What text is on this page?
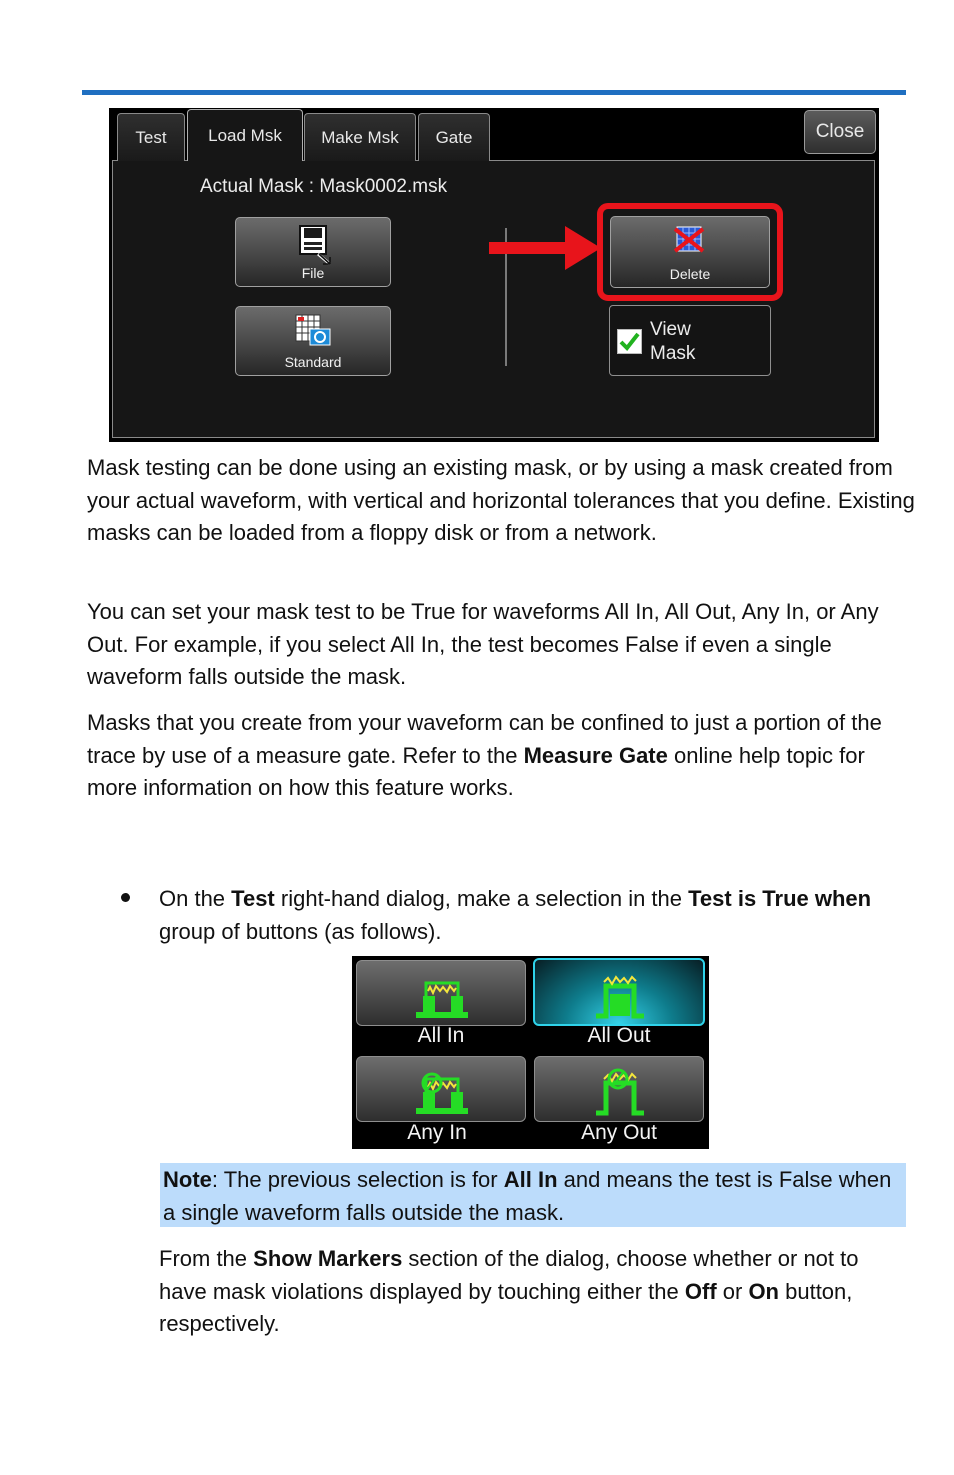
Test	Load Msk	Make Msk	Gate	Close
Actual Mask : Mask0002.msk
File
Standard
Delete
View
Mask

Mask testing can be done using an existing mask, or by using a mask created from your actual waveform, with vertical and horizontal tolerances that you define. Existing masks can be loaded from a floppy disk or from a network.

You can set your mask test to be True for waveforms All In, All Out, Any In, or Any Out. For example, if you select All In, the test becomes False if even a single waveform falls outside the mask.

Masks that you create from your waveform can be confined to just a portion of the trace by use of a measure gate. Refer to the Measure Gate online help topic for more information on how this feature works.

On the Test right-hand dialog, make a selection in the Test is True when group of buttons (as follows).

All In	All Out
Any In	Any Out

Note: The previous selection is for All In and means the test is False when a single waveform falls outside the mask.

From the Show Markers section of the dialog, choose whether or not to have mask violations displayed by touching either the Off or On button, respectively.
